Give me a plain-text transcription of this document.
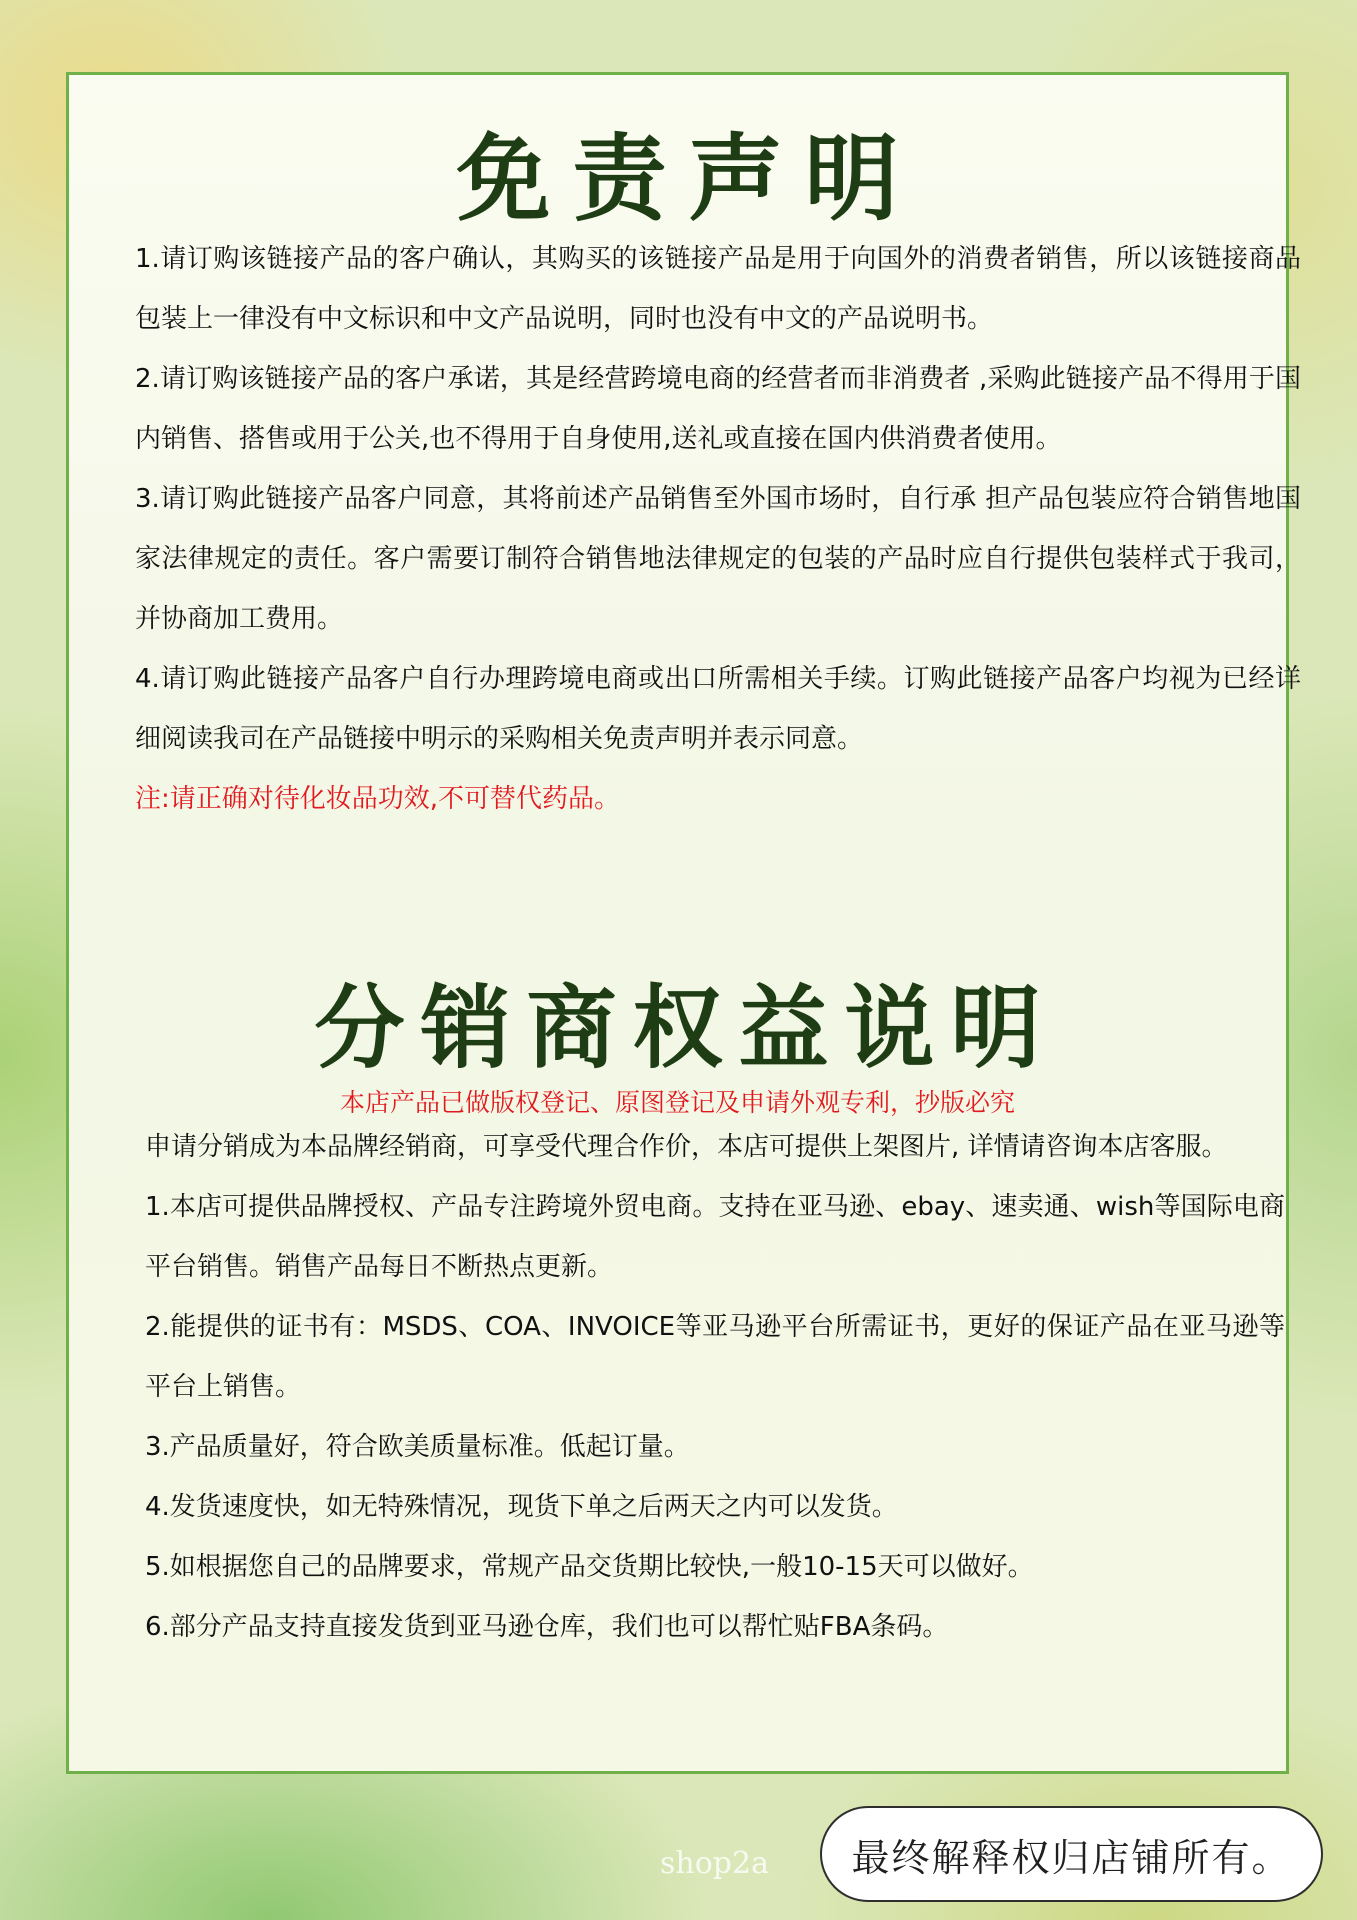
免责声明

1.请订购该链接产品的客户确认，其购买的该链接产品是用于向国外的消费者销售，所以该链接商品包装上一律没有中文标识和中文产品说明，同时也没有中文的产品说明书。

2.请订购该链接产品的客户承诺，其是经营跨境电商的经营者而非消费者 ,采购此链接产品不得用于国内销售、搭售或用于公关,也不得用于自身使用,送礼或直接在国内供消费者使用。

3.请订购此链接产品客户同意，其将前述产品销售至外国市场时，自行承 担产品包装应符合销售地国家法律规定的责任。客户需要订制符合销售地法律规定的包装的产品时应自行提供包装样式于我司，并协商加工费用。

4.请订购此链接产品客户自行办理跨境电商或出口所需相关手续。订购此链接产品客户均视为已经详细阅读我司在产品链接中明示的采购相关免责声明并表示同意。

注:请正确对待化妆品功效,不可替代药品。

分销商权益说明

本店产品已做版权登记、原图登记及申请外观专利，抄版必究

申请分销成为本品牌经销商，可享受代理合作价，本店可提供上架图片, 详情请咨询本店客服。

1.本店可提供品牌授权、产品专注跨境外贸电商。支持在亚马逊、ebay、速卖通、wish等国际电商平台销售。销售产品每日不断热点更新。

2.能提供的证书有：MSDS、COA、INVOICE等亚马逊平台所需证书，更好的保证产品在亚马逊等平台上销售。

3.产品质量好，符合欧美质量标准。低起订量。

4.发货速度快，如无特殊情况，现货下单之后两天之内可以发货。

5.如根据您自己的品牌要求，常规产品交货期比较快,一般10-15天可以做好。

6.部分产品支持直接发货到亚马逊仓库，我们也可以帮忙贴FBA条码。

shop2a 最终解释权归店铺所有。
